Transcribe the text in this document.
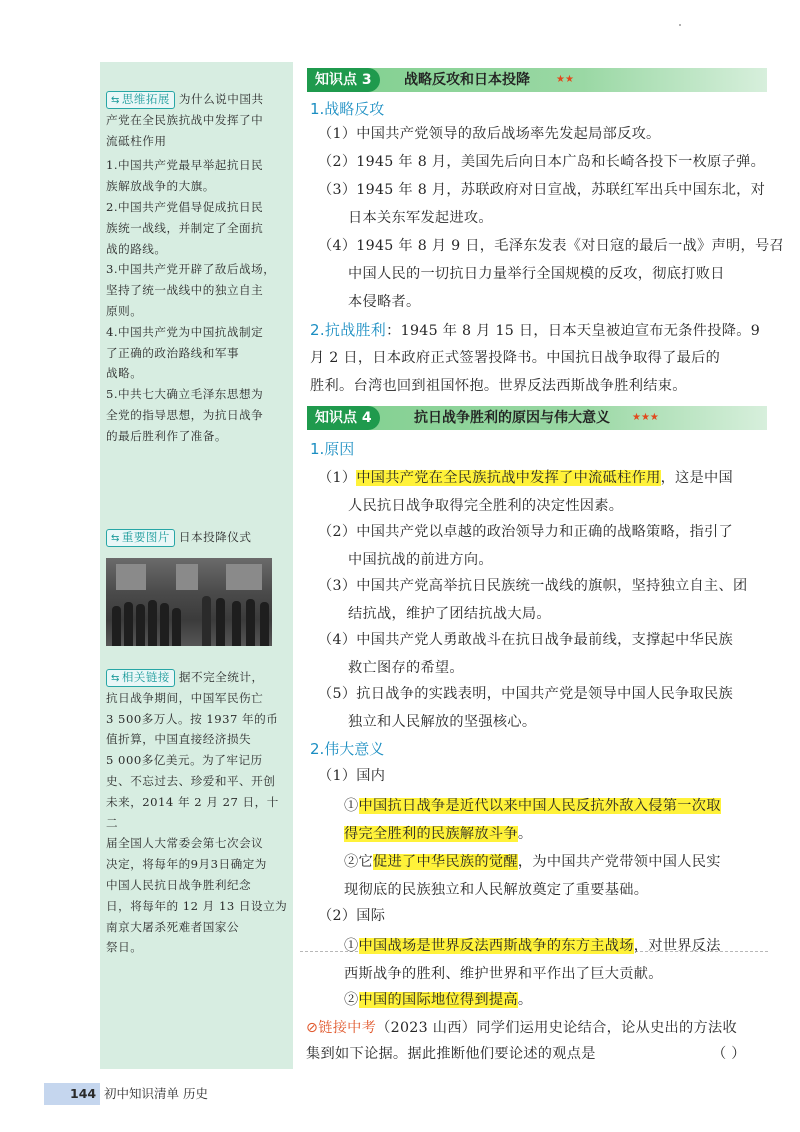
⇆ 思维拓展 为什么说中国共
产党在全民族抗战中发挥了中
流砥柱作用
1.中国共产党最早举起抗日民
族解放战争的大旗。
2.中国共产党倡导促成抗日民
族统一战线，并制定了全面抗
战的路线。
3.中国共产党开辟了敌后战场，
坚持了统一战线中的独立自主
原则。
4.中国共产党为中国抗战制定
了正确的政治路线和军事
战略。
5.中共七大确立毛泽东思想为
全党的指导思想，为抗日战争
的最后胜利作了准备。
⇆ 重要图片 日本投降仪式
⇆ 相关链接 据不完全统计，
抗日战争期间，中国军民伤亡
3 500多万人。按 1937 年的币
值折算，中国直接经济损失
5 000多亿美元。为了牢记历
史、不忘过去、珍爱和平、开创
未来，2014 年 2 月 27 日，十二
届全国人大常委会第七次会议
决定，将每年的9月3日确定为
中国人民抗日战争胜利纪念
日，将每年的 12 月 13 日设立为
南京大屠杀死难者国家公
祭日。
知识点 3	战略反攻和日本投降	★★
1.战略反攻
（1）中国共产党领导的敌后战场率先发起局部反攻。
（2）1945 年 8 月，美国先后向日本广岛和长崎各投下一枚原子弹。
（3）1945 年 8 月，苏联政府对日宣战，苏联红军出兵中国东北，对
日本关东军发起进攻。
（4）1945 年 8 月 9 日，毛泽东发表《对日寇的最后一战》声明，号召
中国人民的一切抗日力量举行全国规模的反攻，彻底打败日
本侵略者。
2.抗战胜利：1945 年 8 月 15 日，日本天皇被迫宣布无条件投降。9
月 2 日，日本政府正式签署投降书。中国抗日战争取得了最后的
胜利。台湾也回到祖国怀抱。世界反法西斯战争胜利结束。
知识点 4	抗日战争胜利的原因与伟大意义 ★★★
1.原因
（1）中国共产党在全民族抗战中发挥了中流砥柱作用，这是中国
人民抗日战争取得完全胜利的决定性因素。
（2）中国共产党以卓越的政治领导力和正确的战略策略，指引了
中国抗战的前进方向。
（3）中国共产党高举抗日民族统一战线的旗帜，坚持独立自主、团
结抗战，维护了团结抗战大局。
（4）中国共产党人勇敢战斗在抗日战争最前线，支撑起中华民族
救亡图存的希望。
（5）抗日战争的实践表明，中国共产党是领导中国人民争取民族
独立和人民解放的坚强核心。
2.伟大意义
（1）国内
①中国抗日战争是近代以来中国人民反抗外敌入侵第一次取
得完全胜利的民族解放斗争。
②它促进了中华民族的觉醒，为中国共产党带领中国人民实
现彻底的民族独立和人民解放奠定了重要基础。
（2）国际
①中国战场是世界反法西斯战争的东方主战场，对世界反法
西斯战争的胜利、维护世界和平作出了巨大贡献。
②中国的国际地位得到提高。
⊘链接中考（2023 山西）同学们运用史论结合，论从史出的方法收
集到如下论据。据此推断他们要论述的观点是	（ ）
144 初中知识清单 历史
